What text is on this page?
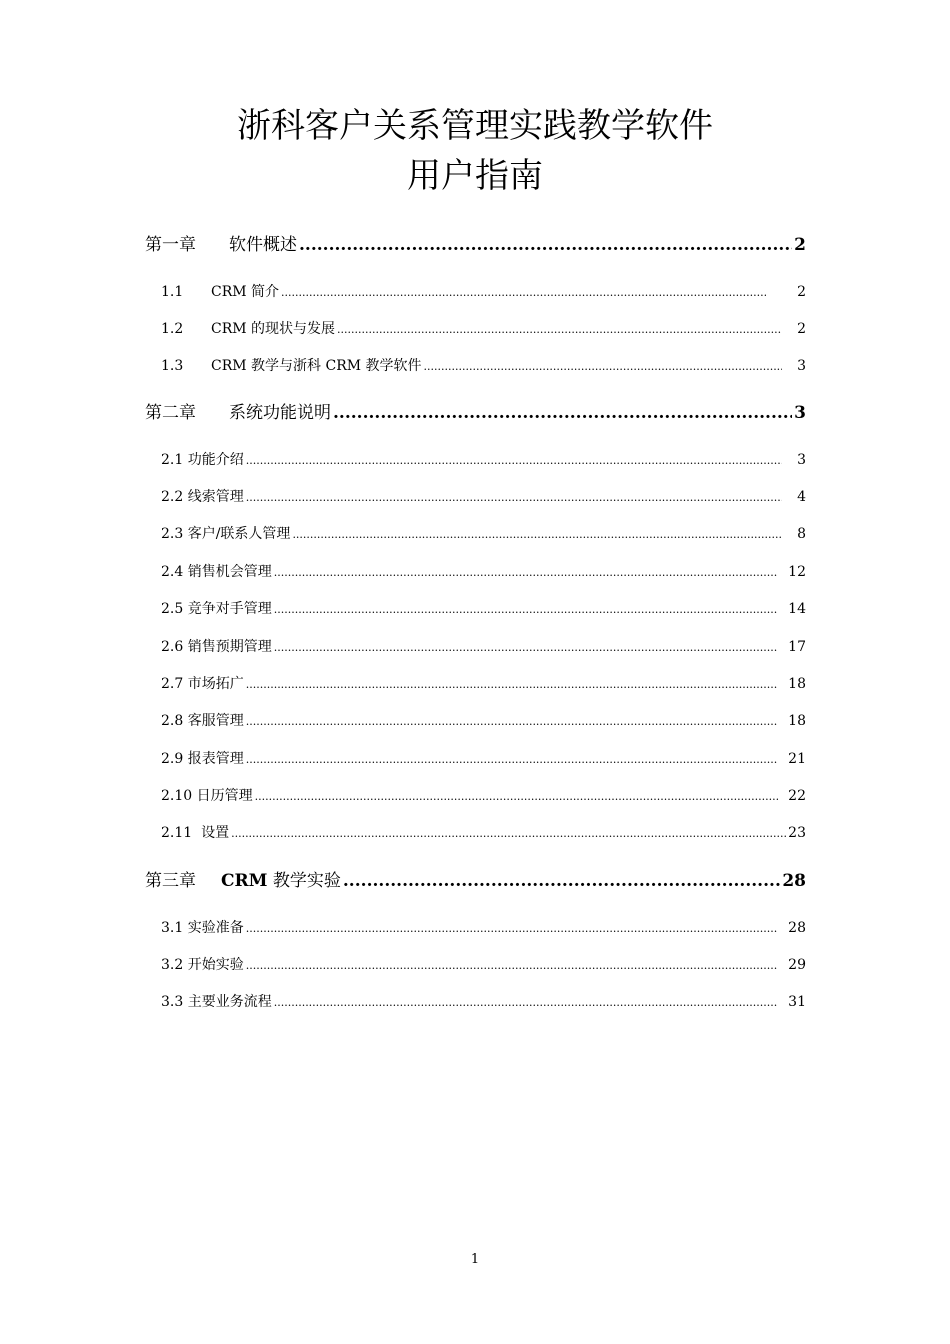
浙科客户关系管理实践教学软件
用户指南
第一章 软件概述 .....	2
1.1 CRM 简介 .....	2
1.2 CRM 的现状与发展 .....	2
1.3 CRM 教学与浙科 CRM 教学软件 .....	3
第二章 系统功能说明 .....	3
2.1 功能介绍 .....	3
2.2 线索管理 .....	4
2.3 客户/联系人管理 .....	8
2.4 销售机会管理 .....	12
2.5 竞争对手管理 .....	14
2.6 销售预期管理 .....	17
2.7 市场拓广 .....	18
2.8 客服管理 .....	18
2.9 报表管理 .....	21
2.10 日历管理 .....	22
2.11 设置 .....	23
第三章 CRM 教学实验 .....	28
3.1 实验准备 .....	28
3.2 开始实验 .....	29
3.3 主要业务流程 .....	31
1
